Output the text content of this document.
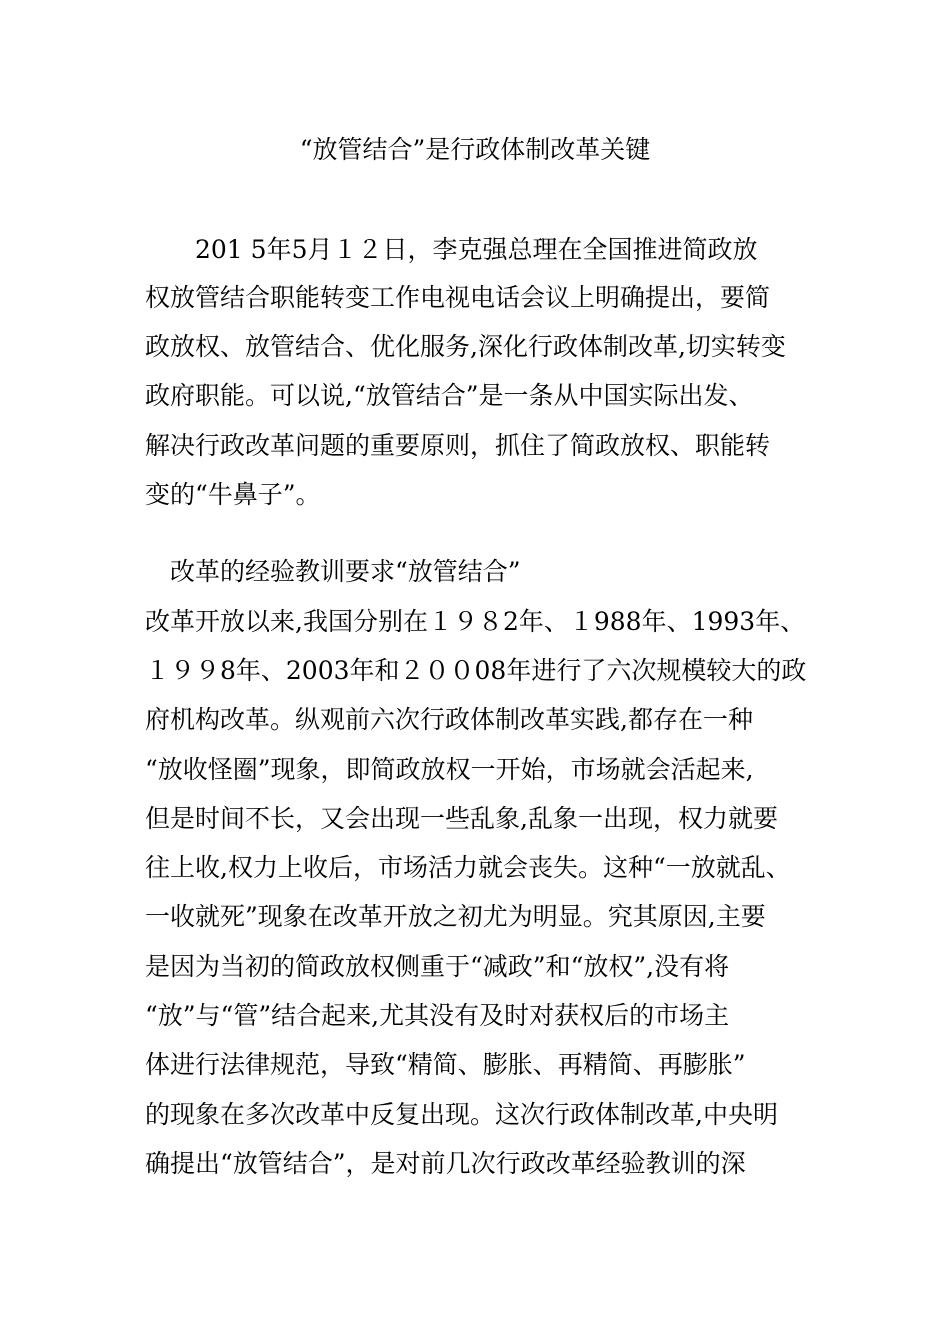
“放管结合”是行政体制改革关键
　　201 5年5月１２日，李克强总理在全国推进简政放
权放管结合职能转变工作电视电话会议上明确提出，要简
政放权、放管结合、优化服务,深化行政体制改革,切实转变
政府职能。可以说,“放管结合”是一条从中国实际出发、
解决行政改革问题的重要原则，抓住了简政放权、职能转
变的“牛鼻子”。
　改革的经验教训要求“放管结合”
改革开放以来,我国分别在１９８2年、１988年、1993年、
１９９8年、2003年和２００08年进行了六次规模较大的政
府机构改革。纵观前六次行政体制改革实践,都存在一种
“放收怪圈”现象，即简政放权一开始，市场就会活起来,
但是时间不长，又会出现一些乱象,乱象一出现，权力就要
往上收,权力上收后，市场活力就会丧失。这种“一放就乱、
一收就死”现象在改革开放之初尤为明显。究其原因,主要
是因为当初的简政放权侧重于“减政”和“放权”,没有将
“放”与“管”结合起来,尤其没有及时对获权后的市场主
体进行法律规范，导致“精简、膨胀、再精简、再膨胀”
的现象在多次改革中反复出现。这次行政体制改革,中央明
确提出“放管结合”，是对前几次行政改革经验教训的深
